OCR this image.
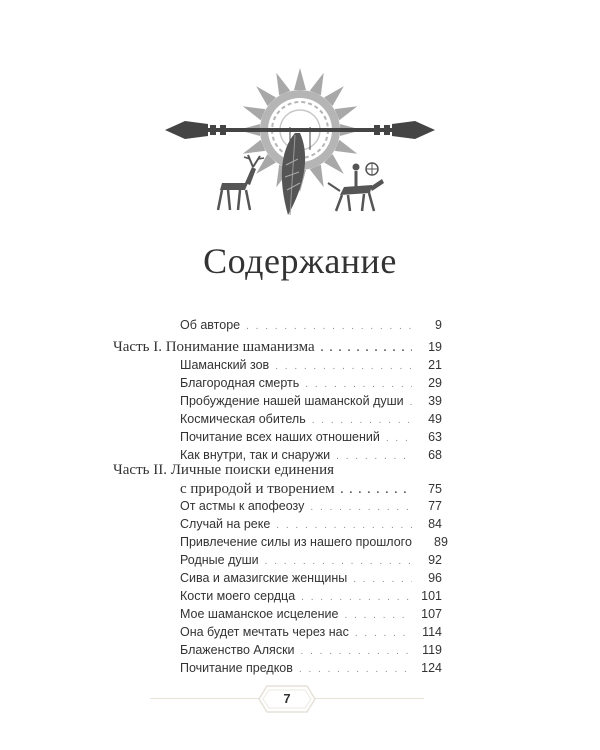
Содержание
Об авторе . . .	9
Часть I. Понимание шаманизма . . .	19
Шаманский зов . . .	21
Благородная смерть . . .	29
Пробуждение нашей шаманской души . . .	39
Космическая обитель . . .	49
Почитание всех наших отношений . . .	63
Как внутри, так и снаружи . . .	68
Часть II. Личные поиски единения
с природой и творением . . .	75
От астмы к апофеозу . . .	77
Случай на реке . . .	84
Привлечение силы из нашего прошлого	89
Родные души . . .	92
Сива и амазигские женщины . . .	96
Кости моего сердца . . .	101
Мое шаманское исцеление . . .	107
Она будет мечтать через нас . . .	114
Блаженство Аляски . . .	119
Почитание предков . . .	124
7
